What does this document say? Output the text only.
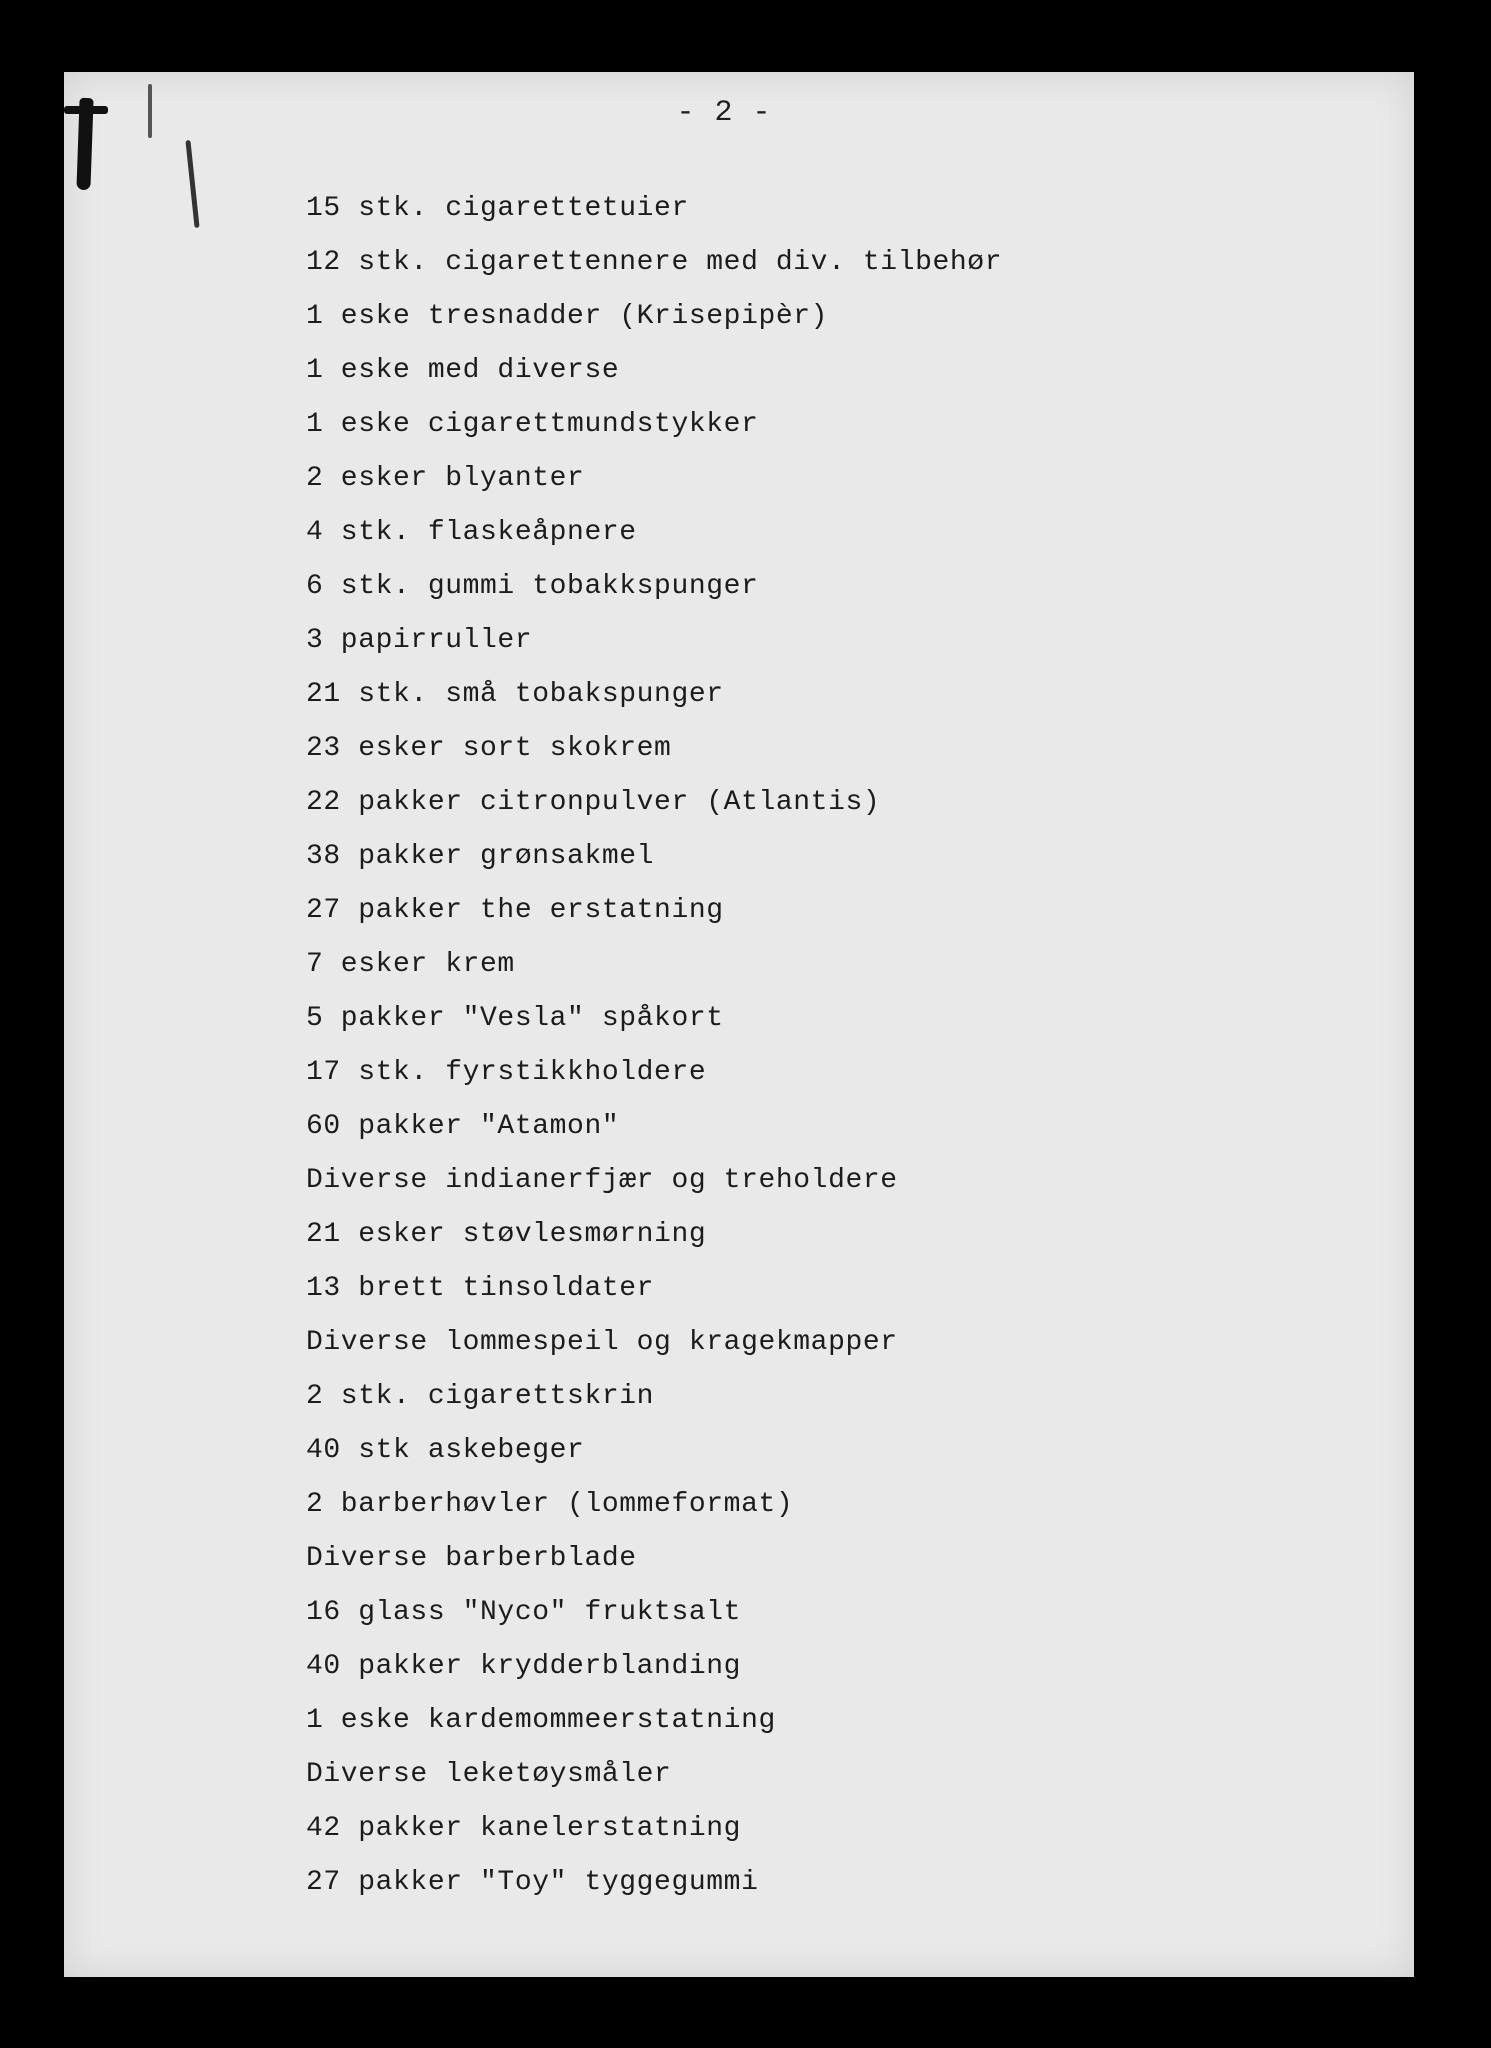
- 2 -
15 stk. cigarettetuier
12 stk. cigarettennere med div. tilbehør
1 eske tresnadder (Krisepipèr)
1 eske med diverse
1 eske cigarettmundstykker
2 esker blyanter
4 stk. flaskeåpnere
6 stk. gummi tobakkspunger
3 papirruller
21 stk. små tobakspunger
23 esker sort skokrem
22 pakker citronpulver (Atlantis)
38 pakker grønsakmel
27 pakker the erstatning
7 esker krem
5 pakker "Vesla" spåkort
17 stk. fyrstikkholdere
60 pakker "Atamon"
Diverse indianerfjær og treholdere
21 esker støvlesmørning
13 brett tinsoldater
Diverse lommespeil og kragekmapper
2 stk. cigarettskrin
40 stk askebeger
2 barberhøvler (lommeformat)
Diverse barberblade
16 glass "Nyco" fruktsalt
40 pakker krydderblanding
1 eske kardemommeerstatning
Diverse leketøysmåler
42 pakker kanelerstatning
27 pakker "Toy" tyggegummi
